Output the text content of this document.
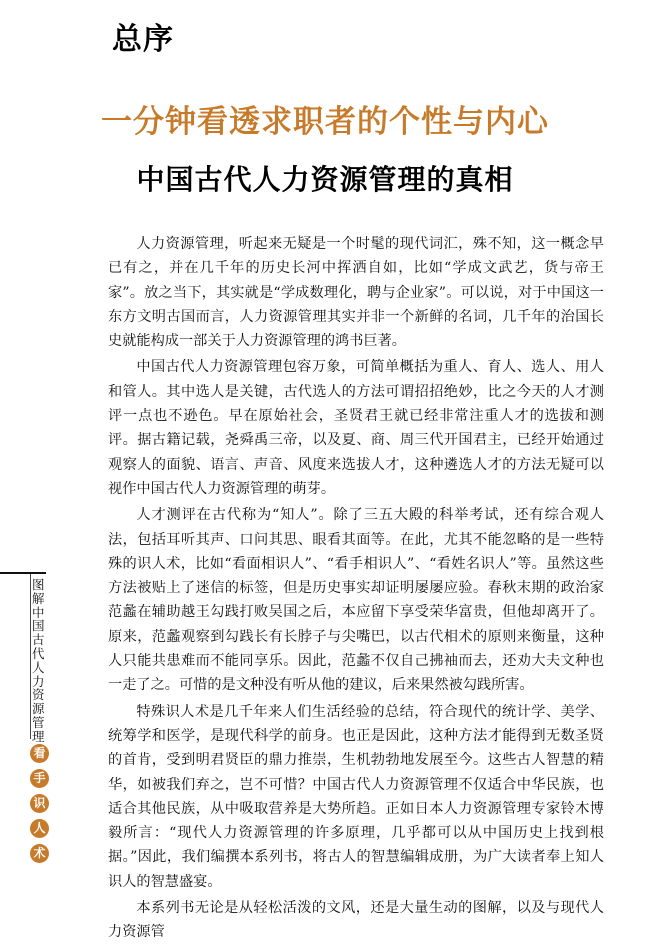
总序
一分钟看透求职者的个性与内心
中国古代人力资源管理的真相

人力资源管理，听起来无疑是一个时髦的现代词汇，殊不知，这一概念早已有之，并在几千年的历史长河中挥洒自如，比如“学成文武艺，货与帝王家”。放之当下，其实就是“学成数理化，聘与企业家”。可以说，对于中国这一东方文明古国而言，人力资源管理其实并非一个新鲜的名词，几千年的治国长史就能构成一部关于人力资源管理的鸿书巨著。

中国古代人力资源管理包容万象，可简单概括为重人、育人、选人、用人和管人。其中选人是关键，古代选人的方法可谓招招绝妙，比之今天的人才测评一点也不逊色。早在原始社会，圣贤君王就已经非常注重人才的选拔和测评。据古籍记载，尧舜禹三帝，以及夏、商、周三代开国君主，已经开始通过观察人的面貌、语言、声音、风度来选拔人才，这种遴选人才的方法无疑可以视作中国古代人力资源管理的萌芽。

人才测评在古代称为“知人”。除了三五大殿的科举考试，还有综合观人法，包括耳听其声、口问其思、眼看其面等。在此，尤其不能忽略的是一些特殊的识人术，比如“看面相识人”、“看手相识人”、“看姓名识人”等。虽然这些方法被贴上了迷信的标签，但是历史事实却证明屡屡应验。春秋末期的政治家范蠡在辅助越王勾践打败吴国之后，本应留下享受荣华富贵，但他却离开了。原来，范蠡观察到勾践长有长脖子与尖嘴巴，以古代相术的原则来衡量，这种人只能共患难而不能同享乐。因此，范蠡不仅自己拂袖而去，还劝大夫文种也一走了之。可惜的是文种没有听从他的建议，后来果然被勾践所害。

特殊识人术是几千年来人们生活经验的总结，符合现代的统计学、美学、统筹学和医学，是现代科学的前身。也正是因此，这种方法才能得到无数圣贤的首肯，受到明君贤臣的鼎力推崇，生机勃勃地发展至今。这些古人智慧的精华，如被我们弃之，岂不可惜？中国古代人力资源管理不仅适合中华民族，也适合其他民族，从中吸取营养是大势所趋。正如日本人力资源管理专家铃木博毅所言：“现代人力资源管理的许多原理，几乎都可以从中国历史上找到根据。”因此，我们编撰本系列书，将古人的智慧编辑成册，为广大读者奉上知人识人的智慧盛宴。

本系列书无论是从轻松活泼的文风，还是大量生动的图解，以及与现代人力资源管

图解中国古代人力资源管理
看
手
识
人
术
